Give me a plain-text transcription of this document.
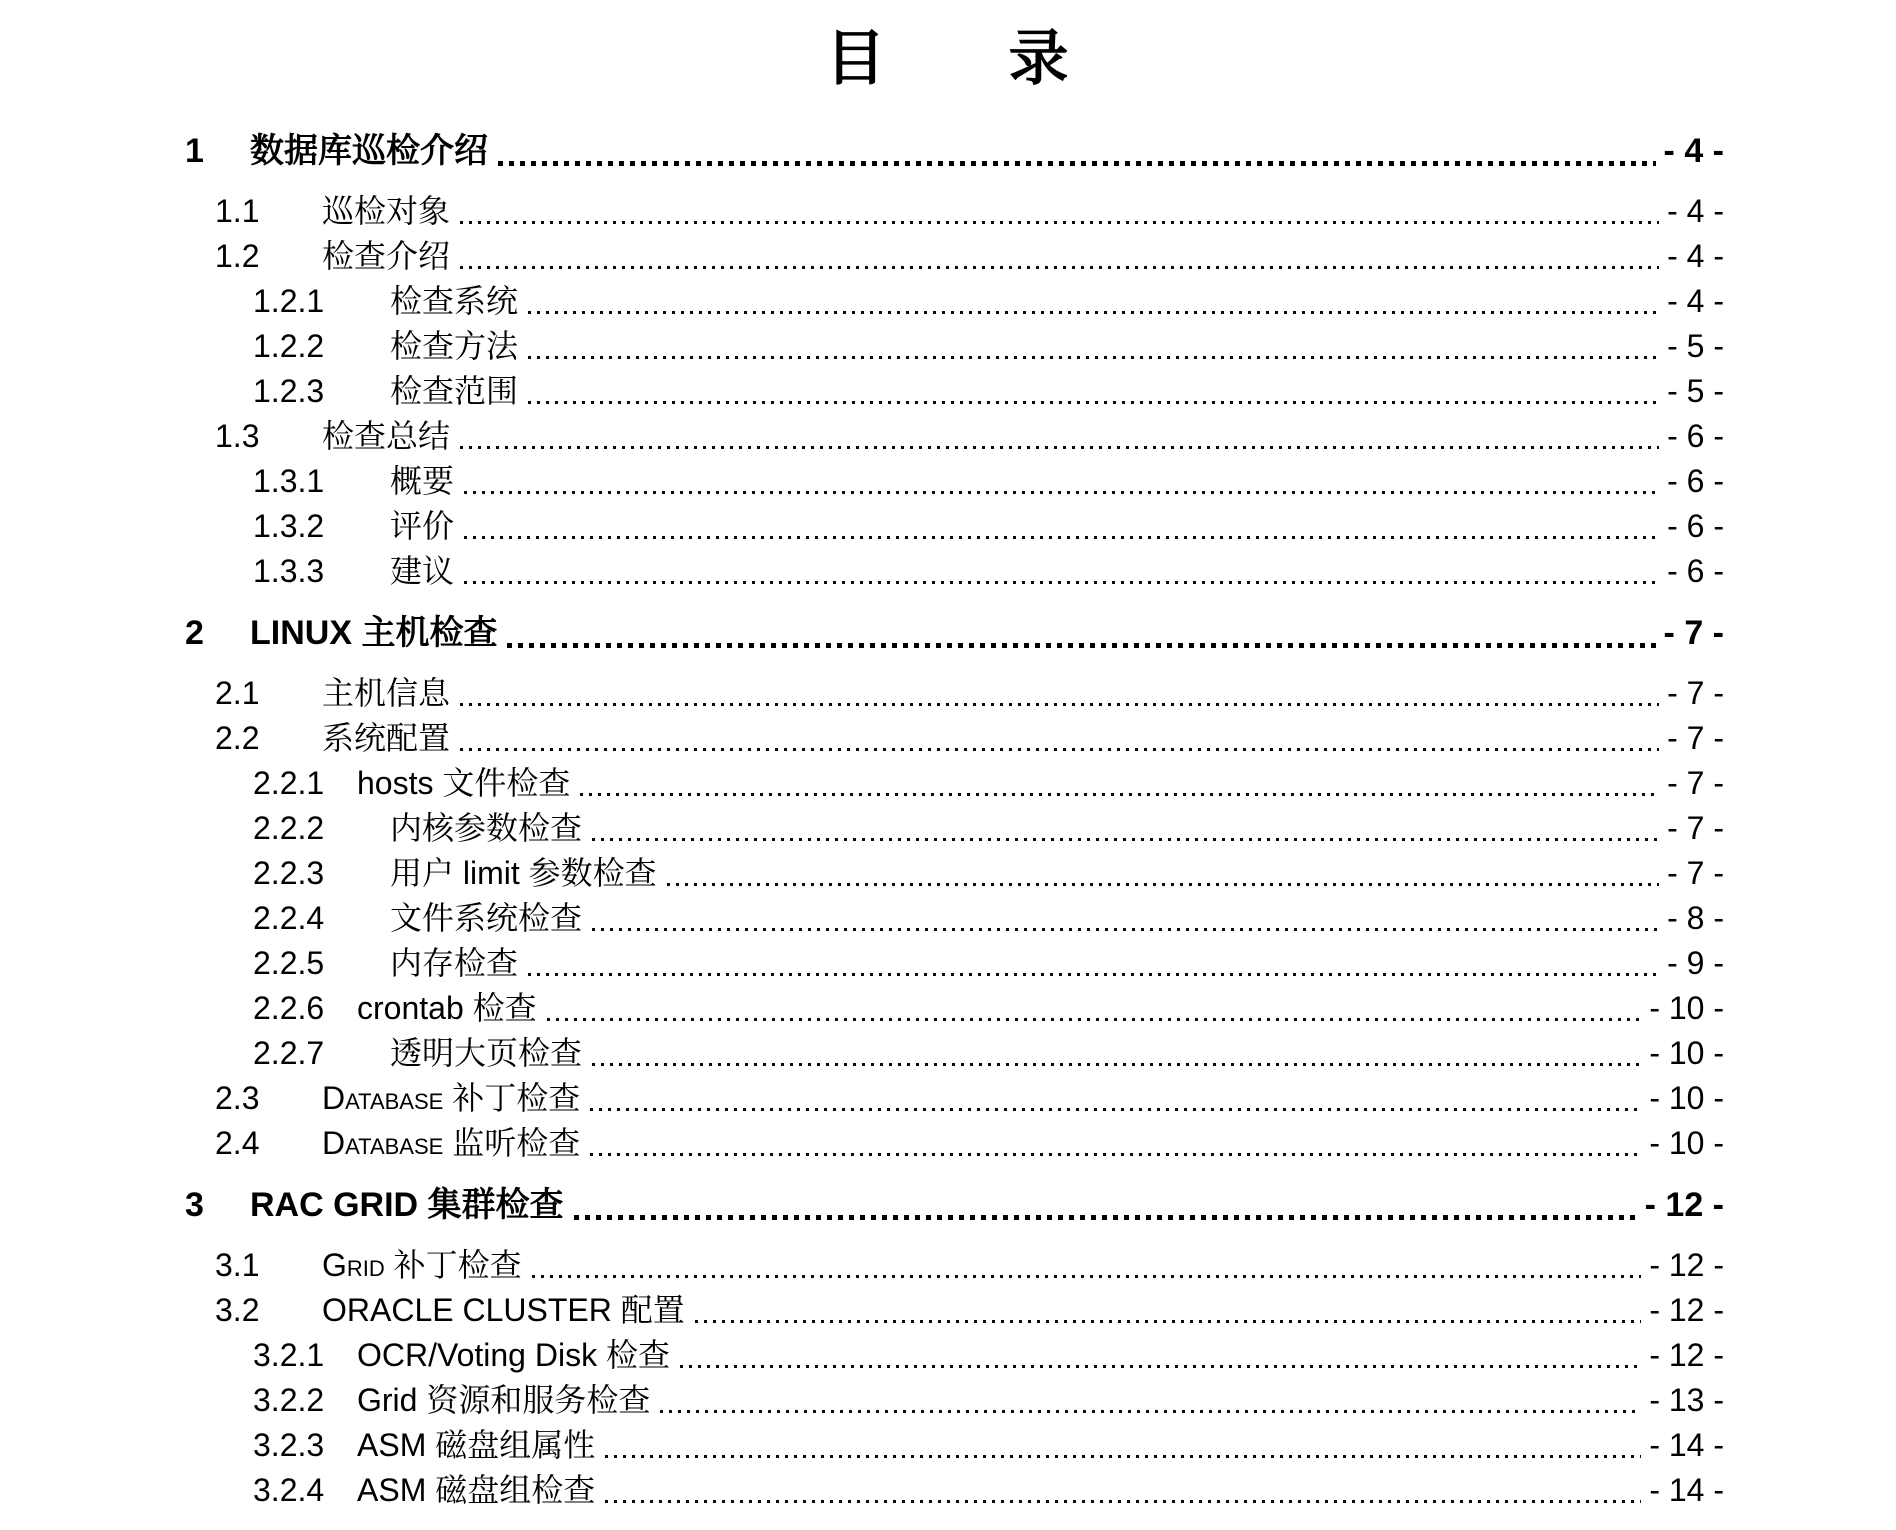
目 录
1	数据库巡检介绍	- 4 -
1.1	巡检对象	- 4 -
1.2	检查介绍	- 4 -
1.2.1	检查系统	- 4 -
1.2.2	检查方法	- 5 -
1.2.3	检查范围	- 5 -
1.3	检查总结	- 6 -
1.3.1	概要	- 6 -
1.3.2	评价	- 6 -
1.3.3	建议	- 6 -
2	LINUX 主机检查	- 7 -
2.1	主机信息	- 7 -
2.2	系统配置	- 7 -
2.2.1	hosts 文件检查	- 7 -
2.2.2	内核参数检查	- 7 -
2.2.3	用户 limit 参数检查	- 7 -
2.2.4	文件系统检查	- 8 -
2.2.5	内存检查	- 9 -
2.2.6	crontab 检查	- 10 -
2.2.7	透明大页检查	- 10 -
2.3	Database 补丁检查	- 10 -
2.4	Database 监听检查	- 10 -
3	RAC GRID 集群检查	- 12 -
3.1	Grid 补丁检查	- 12 -
3.2	ORACLE CLUSTER 配置	- 12 -
3.2.1	OCR/Voting Disk 检查	- 12 -
3.2.2	Grid 资源和服务检查	- 13 -
3.2.3	ASM 磁盘组属性	- 14 -
3.2.4	ASM 磁盘组检查	- 14 -
